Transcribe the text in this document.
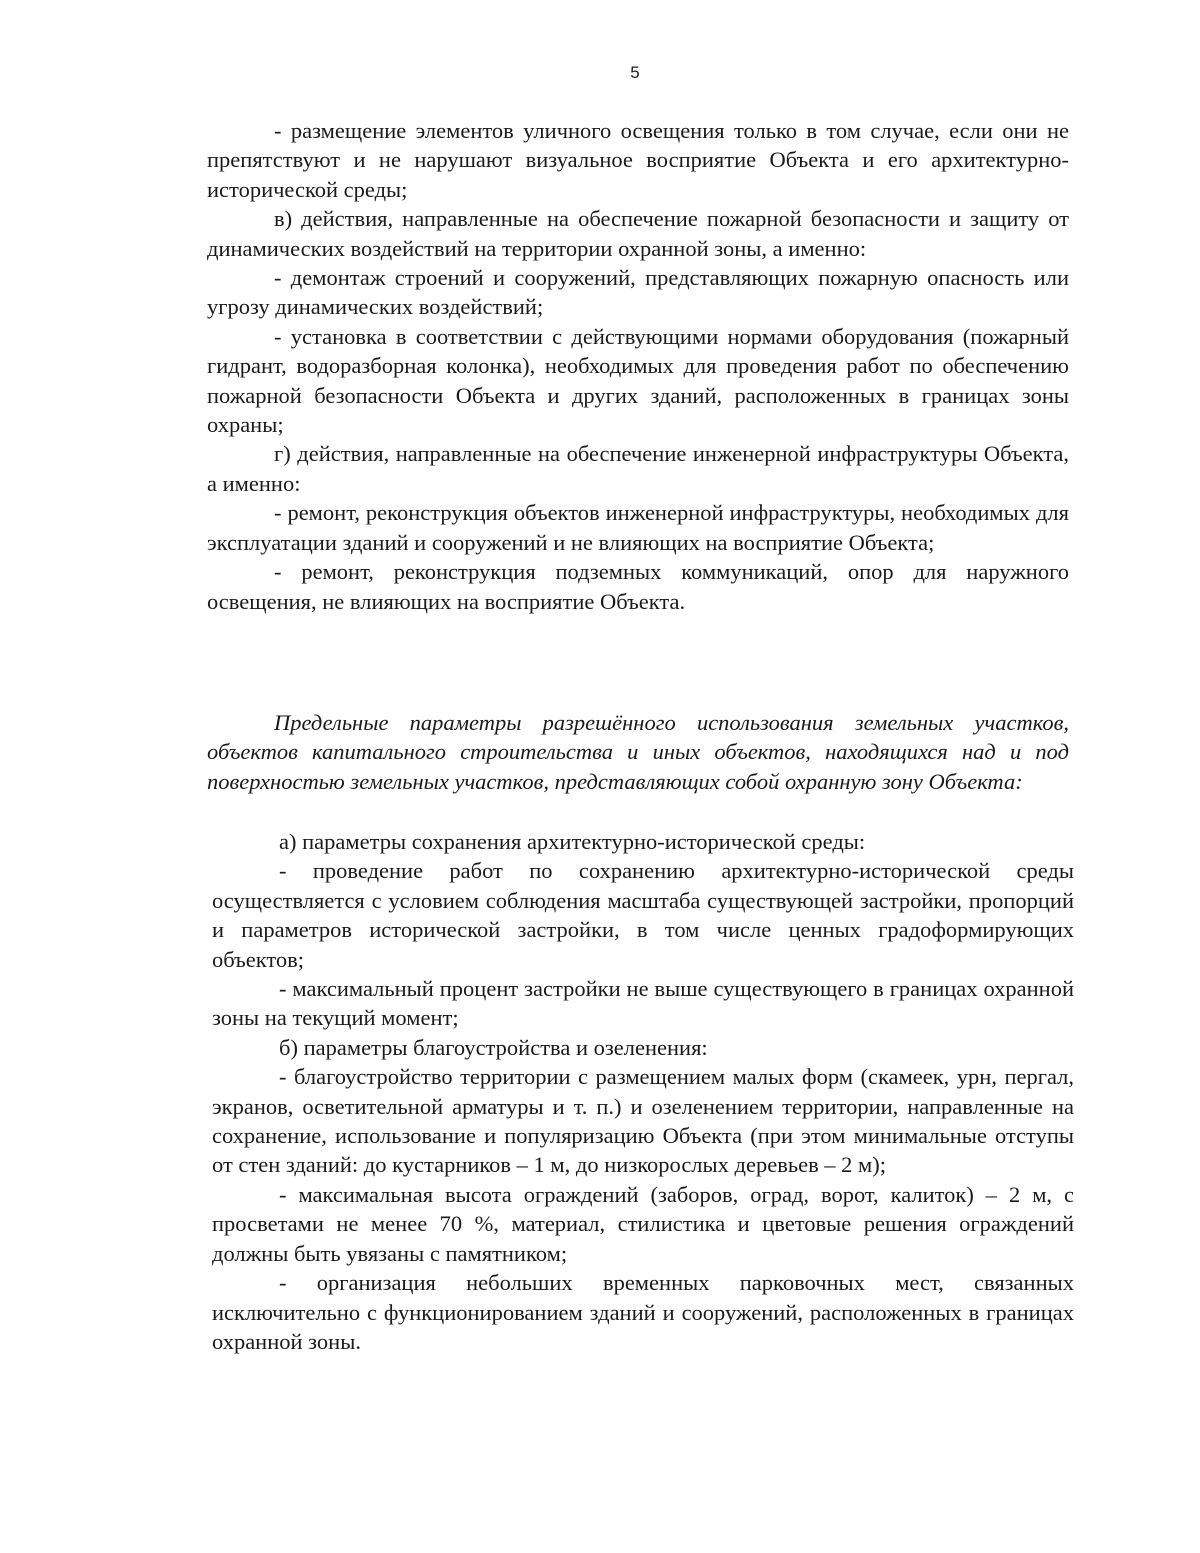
5

- размещение элементов уличного освещения только в том случае, если они не препятствуют и не нарушают визуальное восприятие Объекта и его архитектурно-исторической среды;

в) действия, направленные на обеспечение пожарной безопасности и защиту от динамических воздействий на территории охранной зоны, а именно:

- демонтаж строений и сооружений, представляющих пожарную опасность или угрозу динамических воздействий;

- установка в соответствии с действующими нормами оборудования (пожарный гидрант, водоразборная колонка), необходимых для проведения работ по обеспечению пожарной безопасности Объекта и других зданий, расположенных в границах зоны охраны;

г) действия, направленные на обеспечение инженерной инфраструктуры Объекта, а именно:

- ремонт, реконструкция объектов инженерной инфраструктуры, необходимых для эксплуатации зданий и сооружений и не влияющих на восприятие Объекта;

- ремонт, реконструкция подземных коммуникаций, опор для наружного освещения, не влияющих на восприятие Объекта.

Предельные параметры разрешённого использования земельных участков, объектов капитального строительства и иных объектов, находящихся над и под поверхностью земельных участков, представляющих собой охранную зону Объекта:

а) параметры сохранения архитектурно-исторической среды:

- проведение работ по сохранению архитектурно-исторической среды осуществляется с условием соблюдения масштаба существующей застройки, пропорций и параметров исторической застройки, в том числе ценных градоформирующих объектов;

- максимальный процент застройки не выше существующего в границах охранной зоны на текущий момент;

б) параметры благоустройства и озеленения:

- благоустройство территории с размещением малых форм (скамеек, урн, пергал, экранов, осветительной арматуры и т. п.) и озеленением территории, направленные на сохранение, использование и популяризацию Объекта (при этом минимальные отступы от стен зданий: до кустарников – 1 м, до низкорослых деревьев – 2 м);

- максимальная высота ограждений (заборов, оград, ворот, калиток) – 2 м, с просветами не менее 70 %, материал, стилистика и цветовые решения ограждений должны быть увязаны с памятником;

- организация небольших временных парковочных мест, связанных исключительно с функционированием зданий и сооружений, расположенных в границах охранной зоны.
